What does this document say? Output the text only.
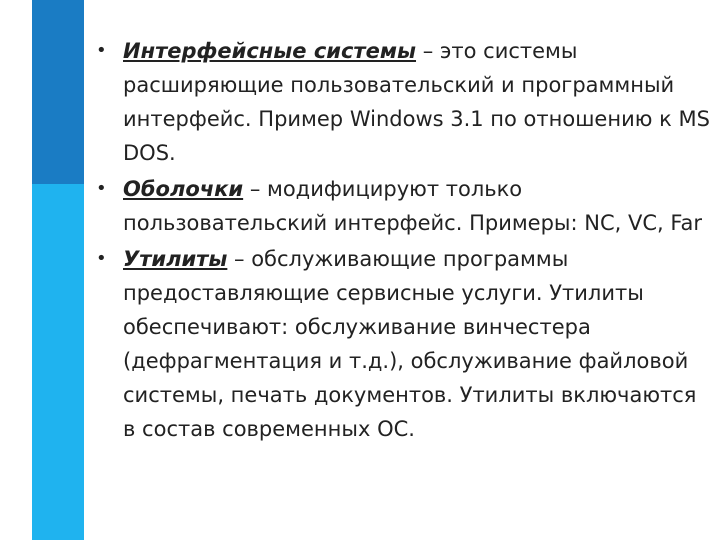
• Интерфейсные системы – это системы расширяющие пользовательский и программный интерфейс. Пример Windows 3.1 по отношению к MS DOS.
• Оболочки – модифицируют только пользовательский интерфейс. Примеры: NC, VC, Far
• Утилиты – обслуживающие программы предоставляющие сервисные услуги. Утилиты обеспечивают: обслуживание винчестера (дефрагментация и т.д.), обслуживание файловой системы, печать документов. Утилиты включаются в состав современных ОС.
